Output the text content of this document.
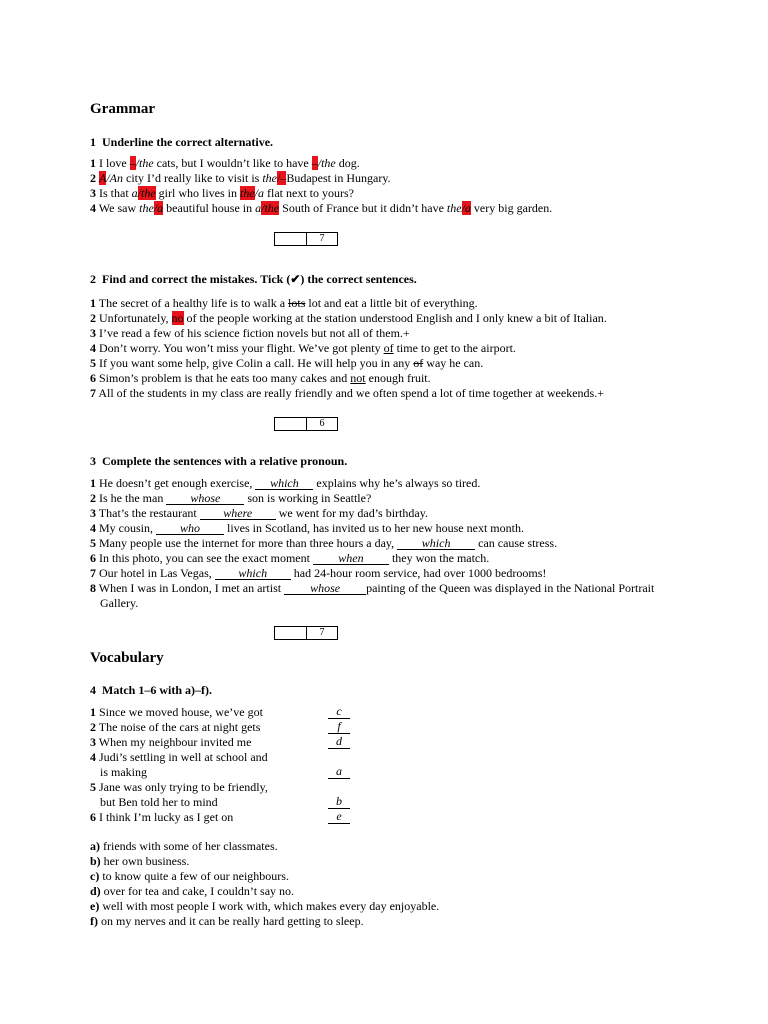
Grammar
1 Underline the correct alternative.
1 I love –/the cats, but I wouldn’t like to have –/the dog.
2 A/An city I’d really like to visit is the/–Budapest in Hungary.
3 Is that a/the girl who lives in the/a flat next to yours?
4 We saw the/a beautiful house in a/the South of France but it didn’t have the/a very big garden.
7
2 Find and correct the mistakes. Tick (✔) the correct sentences.
1 The secret of a healthy life is to walk a lots lot and eat a little bit of everything.
2 Unfortunately, no of the people working at the station understood English and I only knew a bit of Italian.
3 I’ve read a few of his science fiction novels but not all of them.+
4 Don’t worry. You won’t miss your flight. We’ve got plenty of time to get to the airport.
5 If you want some help, give Colin a call. He will help you in any of way he can.
6 Simon’s problem is that he eats too many cakes and not enough fruit.
7 All of the students in my class are really friendly and we often spend a lot of time together at weekends.+
6
3 Complete the sentences with a relative pronoun.
1 He doesn’t get enough exercise, which explains why he’s always so tired.
2 Is he the man whose son is working in Seattle?
3 That’s the restaurant where we went for my dad’s birthday.
4 My cousin, who lives in Scotland, has invited us to her new house next month.
5 Many people use the internet for more than three hours a day, which can cause stress.
6 In this photo, you can see the exact moment when they won the match.
7 Our hotel in Las Vegas, which had 24-hour room service, had over 1000 bedrooms!
8 When I was in London, I met an artist whose painting of the Queen was displayed in the National Portrait
Gallery.
7
Vocabulary
4 Match 1–6 with a)–f).
1 Since we moved house, we’ve got	c
2 The noise of the cars at night gets	f
3 When my neighbour invited me	d
4 Judi’s settling in well at school and
is making	a
5 Jane was only trying to be friendly,
but Ben told her to mind	b
6 I think I’m lucky as I get on	e
a) friends with some of her classmates.
b) her own business.
c) to know quite a few of our neighbours.
d) over for tea and cake, I couldn’t say no.
e) well with most people I work with, which makes every day enjoyable.
f) on my nerves and it can be really hard getting to sleep.
